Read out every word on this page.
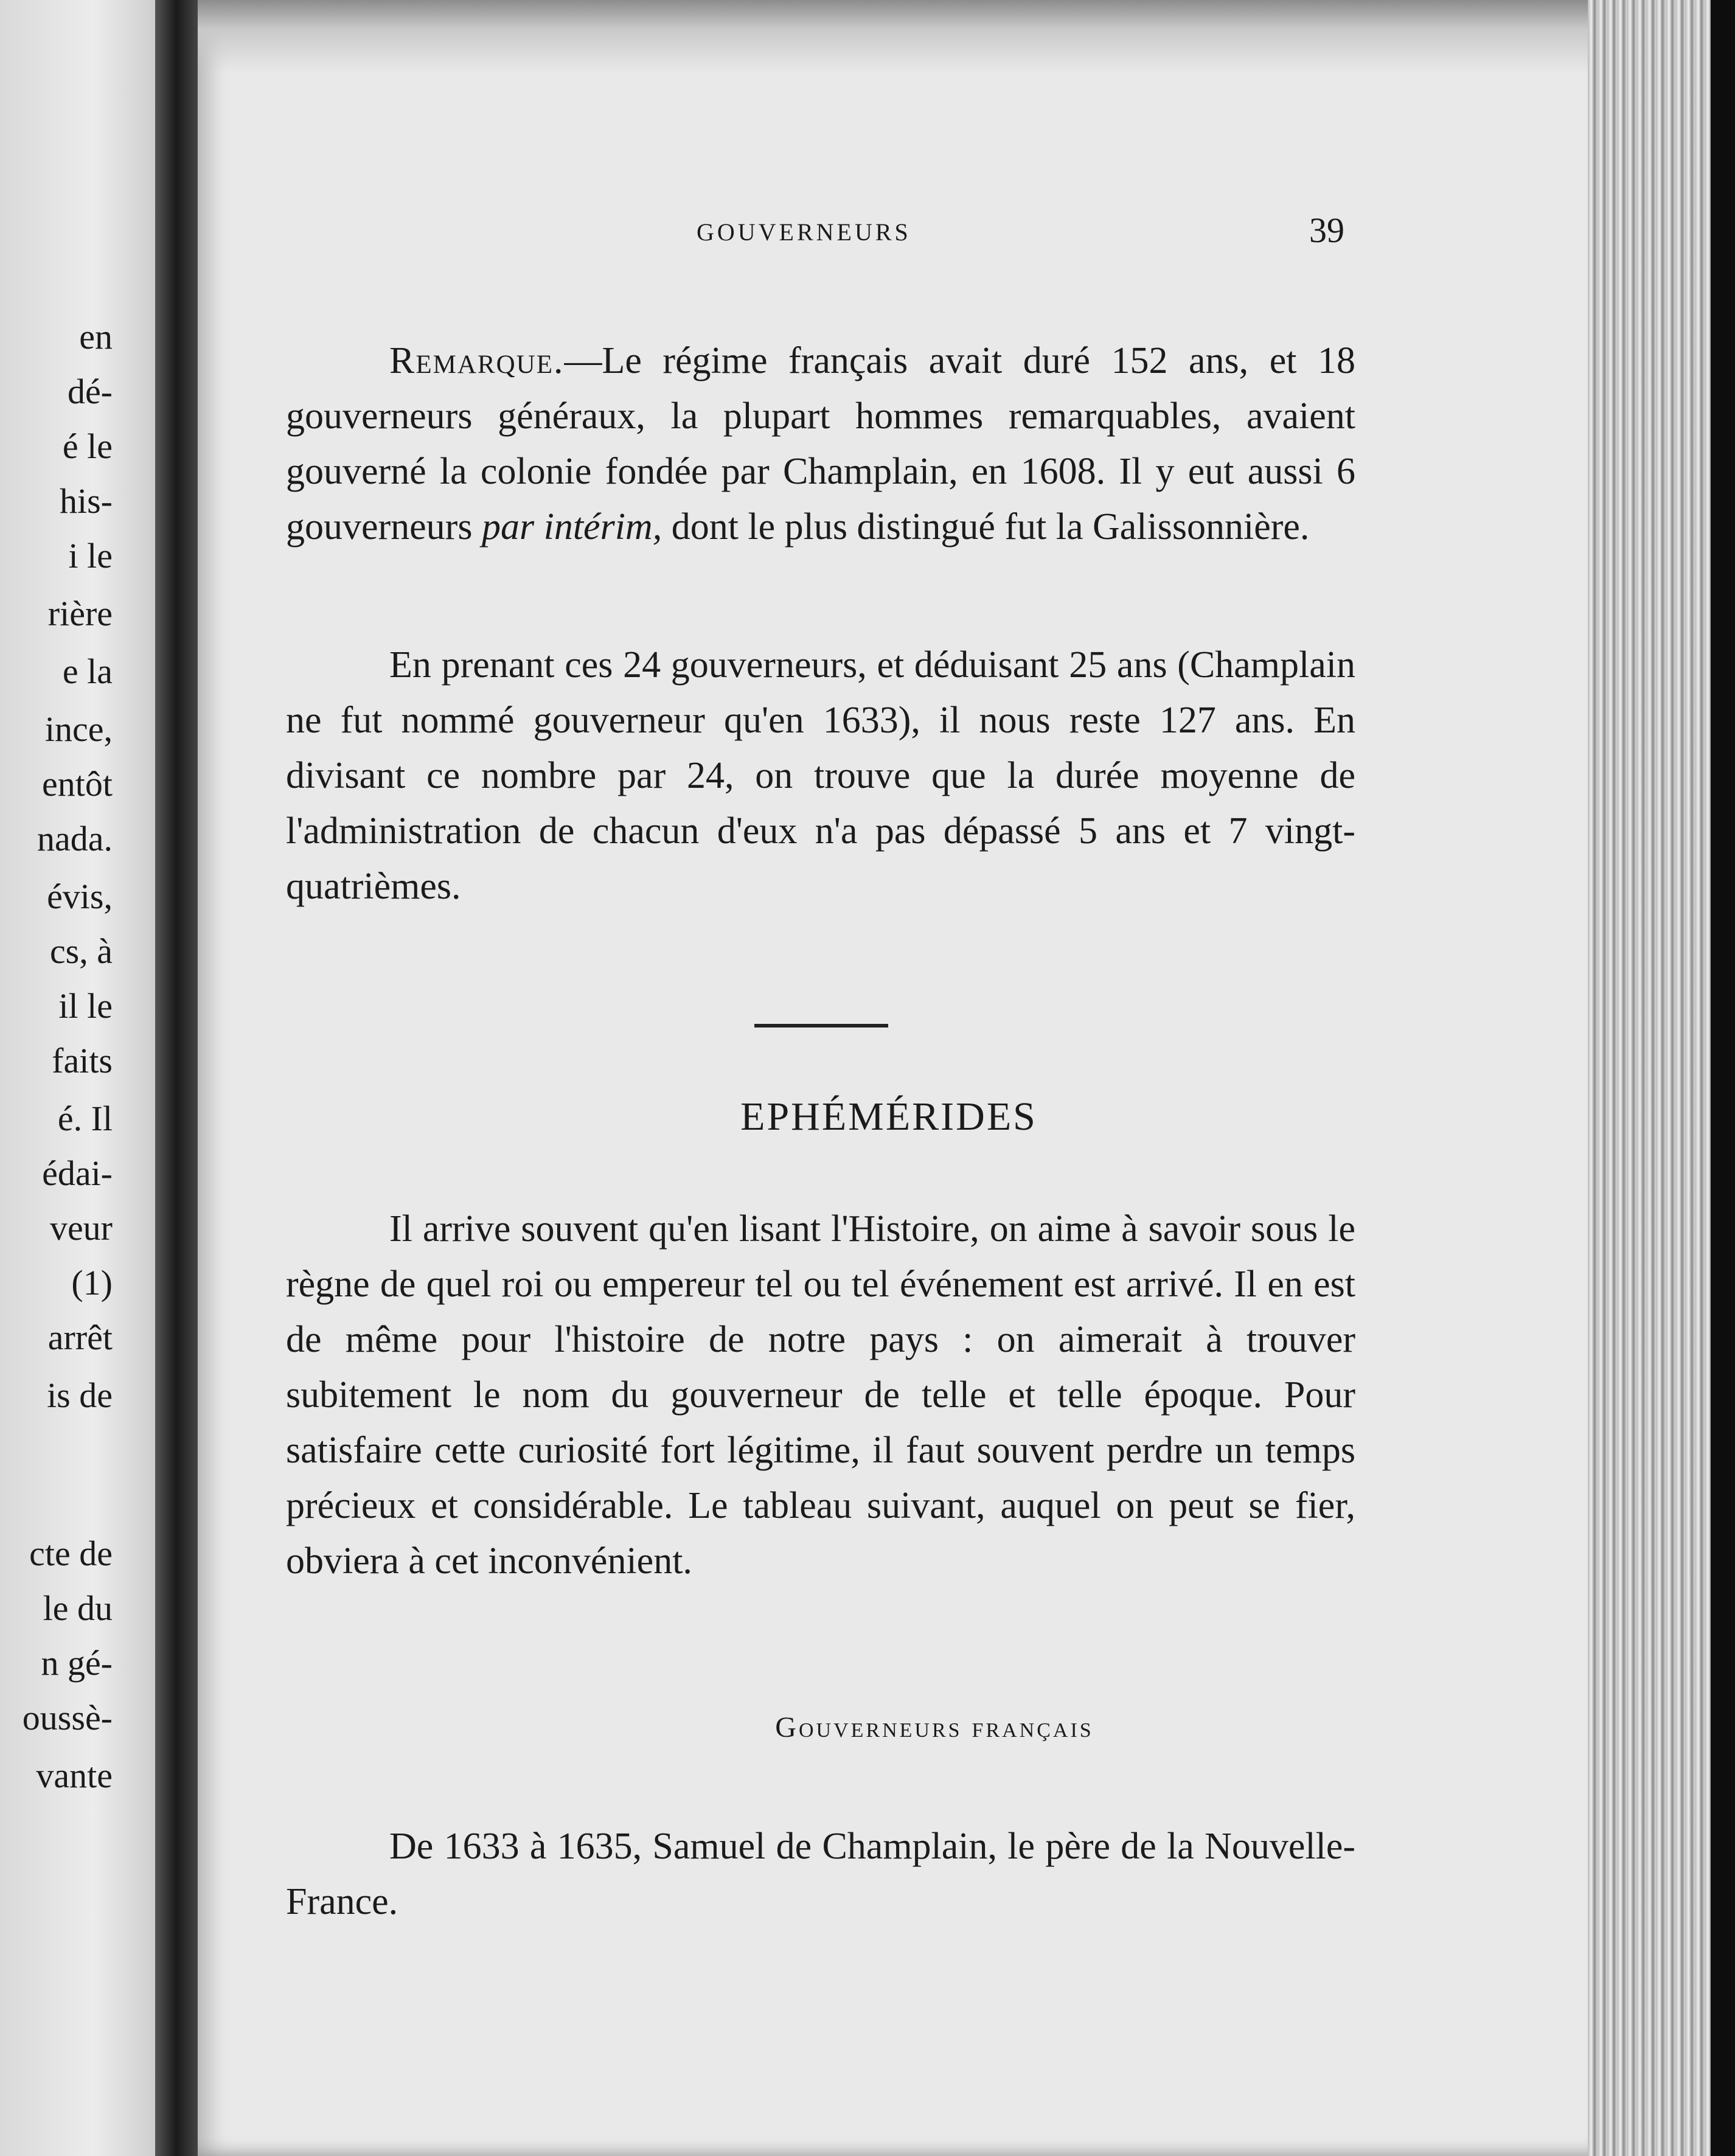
en
dé-
é le
his-
i le
rière
e la
ince,
entôt
nada.
évis,
cs, à
il le
faits
é. Il
édai-
veur
(1)
arrêt
is de
cte de
le du
n gé-
oussè-
vante
GOUVERNEURS	39

Remarque.—Le régime français avait duré 152 ans, et 18 gouverneurs généraux, la plupart hommes remarquables, avaient gouverné la colonie fondée par Champlain, en 1608. Il y eut aussi 6 gouverneurs par intérim, dont le plus distingué fut la Galissonnière.

En prenant ces 24 gouverneurs, et déduisant 25 ans (Champlain ne fut nommé gouverneur qu'en 1633), il nous reste 127 ans. En divisant ce nombre par 24, on trouve que la durée moyenne de l'administration de chacun d'eux n'a pas dépassé 5 ans et 7 vingt-quatrièmes.

EPHÉMÉRIDES

Il arrive souvent qu'en lisant l'Histoire, on aime à savoir sous le règne de quel roi ou empereur tel ou tel événement est arrivé. Il en est de même pour l'histoire de notre pays : on aimerait à trouver subitement le nom du gouverneur de telle et telle époque. Pour satisfaire cette curiosité fort légitime, il faut souvent perdre un temps précieux et considérable. Le tableau suivant, auquel on peut se fier, obviera à cet inconvénient.

Gouverneurs français

De 1633 à 1635, Samuel de Champlain, le père de la Nouvelle-France.
